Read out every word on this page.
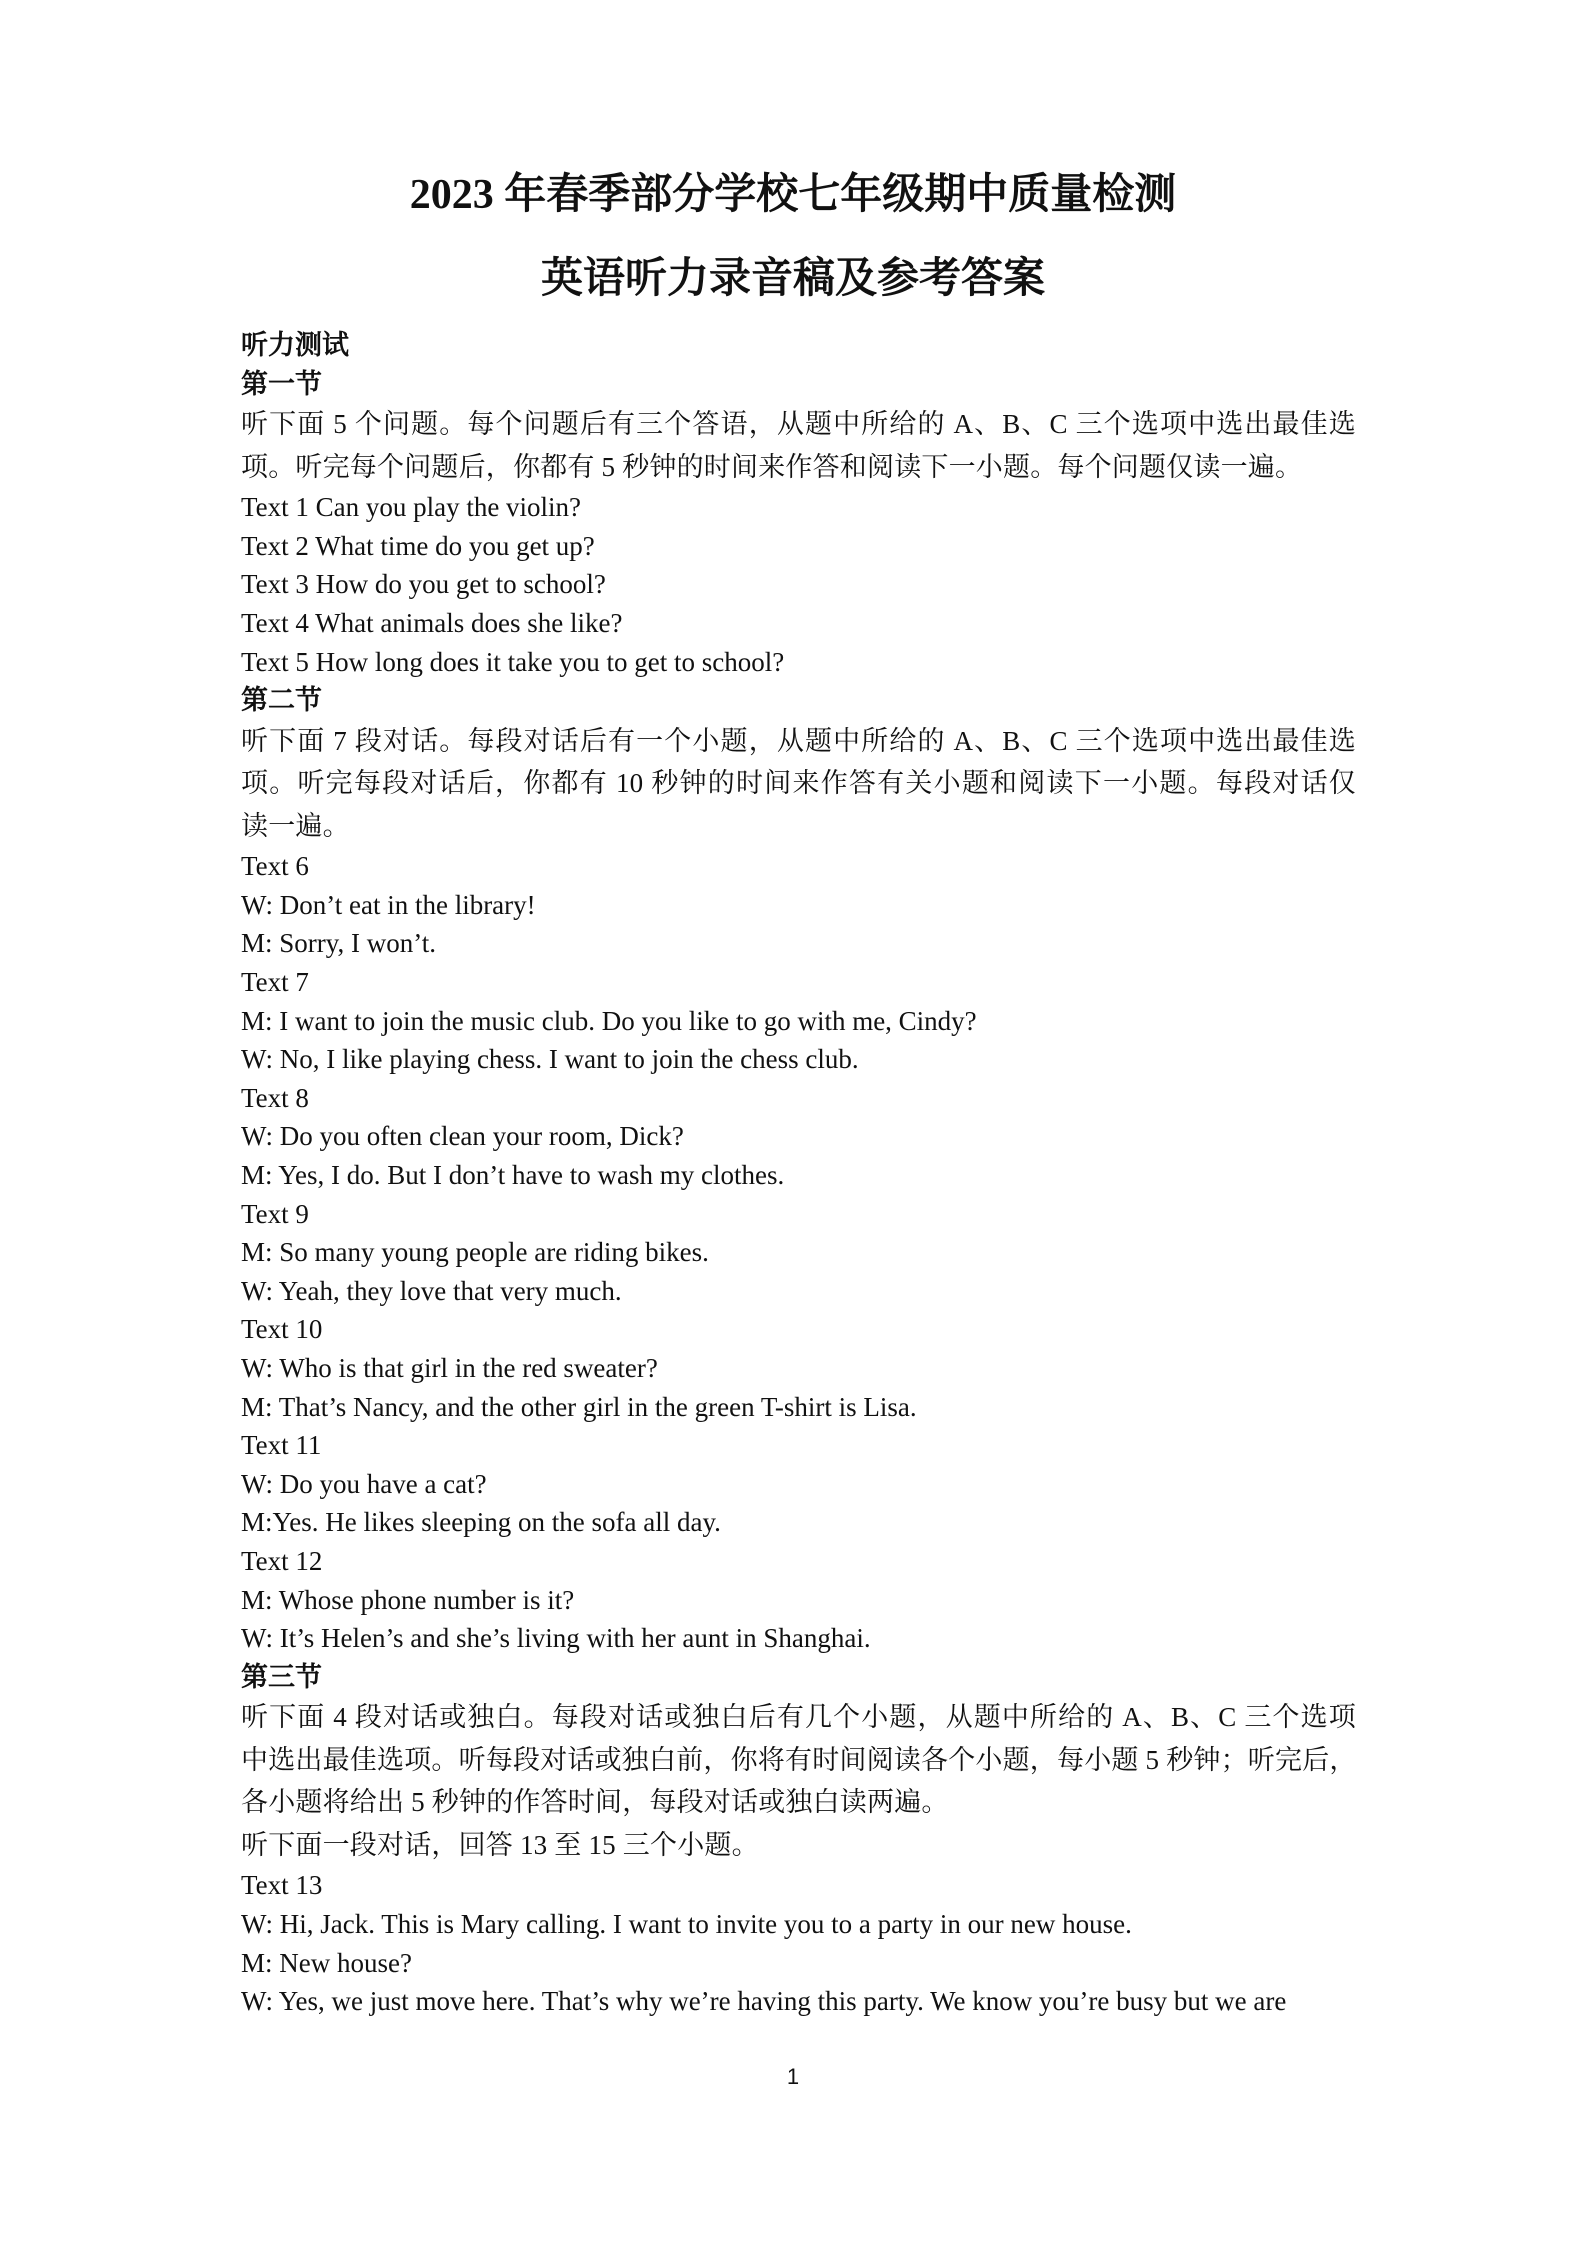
2023 年春季部分学校七年级期中质量检测
英语听力录音稿及参考答案
听力测试
第一节
听下面 5 个问题。每个问题后有三个答语，从题中所给的 A、B、C 三个选项中选出最佳选
项。听完每个问题后，你都有 5 秒钟的时间来作答和阅读下一小题。每个问题仅读一遍。
Text 1 Can you play the violin?
Text 2 What time do you get up?
Text 3 How do you get to school?
Text 4 What animals does she like?
Text 5 How long does it take you to get to school?
第二节
听下面 7 段对话。每段对话后有一个小题，从题中所给的 A、B、C 三个选项中选出最佳选
项。听完每段对话后，你都有 10 秒钟的时间来作答有关小题和阅读下一小题。每段对话仅
读一遍。
Text 6
W: Don’t eat in the library!
M: Sorry, I won’t.
Text 7
M: I want to join the music club. Do you like to go with me, Cindy?
W: No, I like playing chess. I want to join the chess club.
Text 8
W: Do you often clean your room, Dick?
M: Yes, I do. But I don’t have to wash my clothes.
Text 9
M: So many young people are riding bikes.
W: Yeah, they love that very much.
Text 10
W: Who is that girl in the red sweater?
M: That’s Nancy, and the other girl in the green T-shirt is Lisa.
Text 11
W: Do you have a cat?
M:Yes. He likes sleeping on the sofa all day.
Text 12
M: Whose phone number is it?
W: It’s Helen’s and she’s living with her aunt in Shanghai.
第三节
听下面 4 段对话或独白。每段对话或独白后有几个小题，从题中所给的 A、B、C 三个选项
中选出最佳选项。听每段对话或独白前，你将有时间阅读各个小题，每小题 5 秒钟；听完后，
各小题将给出 5 秒钟的作答时间，每段对话或独白读两遍。
听下面一段对话，回答 13 至 15 三个小题。
Text 13
W: Hi, Jack. This is Mary calling. I want to invite you to a party in our new house.
M: New house?
W: Yes, we just move here. That’s why we’re having this party. We know you’re busy but we are
1
